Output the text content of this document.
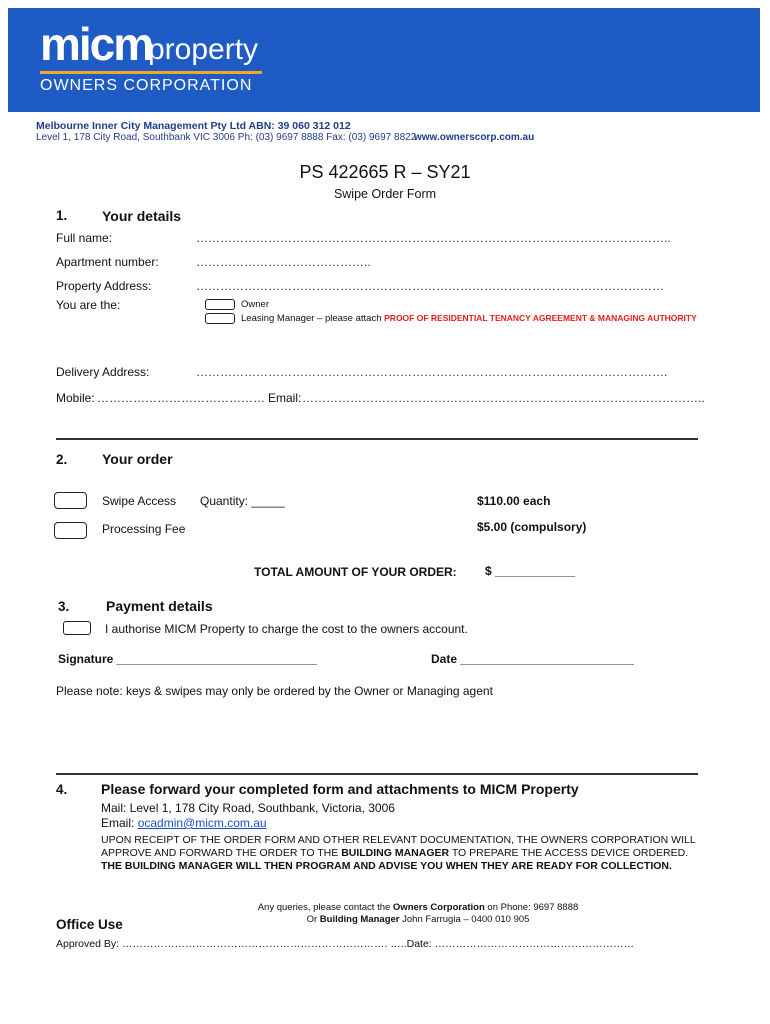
micm
property
OWNERS CORPORATION
Melbourne Inner City Management Pty Ltd ABN: 39 060 312 012
Level 1, 178 City Road, Southbank VIC 3006 Ph: (03) 9697 8888 Fax: (03) 9697 8822
www.ownerscorp.com.au
PS 422665 R – SY21
Swipe Order Form
1. Your details
Full name:	………………………………………………………………………………………………………..
Apartment number:	……………………………………..
Property Address:	………………………………………………………………………………………………………
You are the:	Owner
Leasing Manager – please attach PROOF OF RESIDENTIAL TENANCY AGREEMENT & MANAGING AUTHORITY
Delivery Address:	……………………………………………………………………………………………………….
Mobile: …………………………………… Email: ………………………………………………………………………………………..
2. Your order
Swipe Access Quantity: _____	$110.00 each
Processing Fee	$5.00 (compulsory)
TOTAL AMOUNT OF YOUR ORDER: $ ____________
3.	Payment details
I authorise MICM Property to charge the cost to the owners account.
Signature ______________________________	Date __________________________
Please note: keys & swipes may only be ordered by the Owner or Managing agent
4. Please forward your completed form and attachments to MICM Property
Mail: Level 1, 178 City Road, Southbank, Victoria, 3006
Email: ocadmin@micm.com.au
UPON RECEIPT OF THE ORDER FORM AND OTHER RELEVANT DOCUMENTATION, THE OWNERS CORPORATION WILL
APPROVE AND FORWARD THE ORDER TO THE BUILDING MANAGER TO PREPARE THE ACCESS DEVICE ORDERED.
THE BUILDING MANAGER WILL THEN PROGRAM AND ADVISE YOU WHEN THEY ARE READY FOR COLLECTION.
Any queries, please contact the Owners Corporation on Phone: 9697 8888
Or Building Manager John Farrugia – 0400 010 905
Office Use
Approved By: …………………………………………………………………. …..Date: …………………………………………………
